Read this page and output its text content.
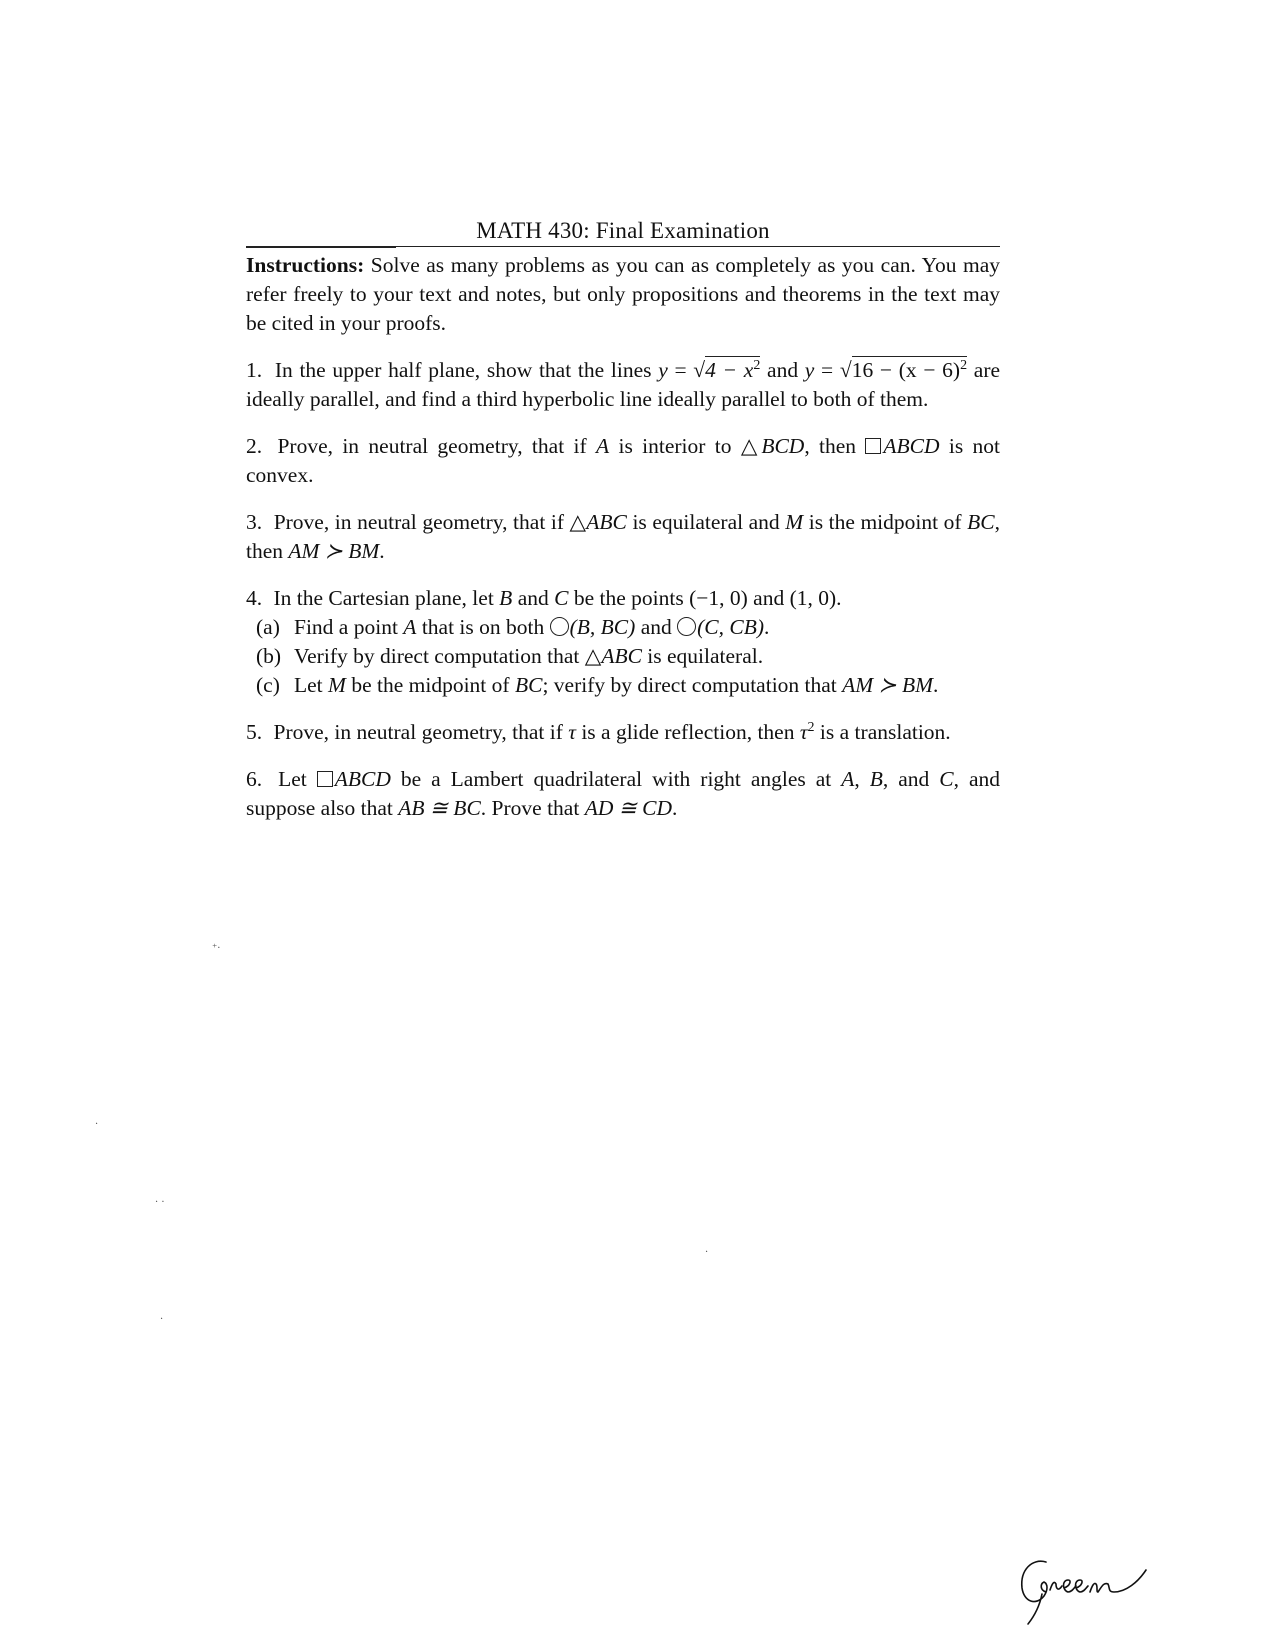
MATH 430: Final Examination
Instructions: Solve as many problems as you can as completely as you can. You may refer freely to your text and notes, but only propositions and theorems in the text may be cited in your proofs.
1. In the upper half plane, show that the lines $y = √4 - x^2$ and $y = √16 - (x - 6)^2$ are ideally parallel, and find a third hyperbolic line ideally parallel to both of them.
2. Prove, in neutral geometry, that if A is interior to △BCD, then ABCD is not convex.
3. Prove, in neutral geometry, that if △ABC is equilateral and M is the midpoint of BC, then AM ≻ BM.
4. In the Cartesian plane, let B and C be the points (−1, 0) and (1, 0).
(a) Find a point A that is on both (B, BC) and (C, CB).
(b) Verify by direct computation that △ABC is equilateral.
(c) Let M be the midpoint of BC; verify by direct computation that AM ≻ BM.
5. Prove, in neutral geometry, that if τ is a glide reflection, then $\tau^2$ is a translation.
6. Let ABCD be a Lambert quadrilateral with right angles at A, B, and C, and suppose also that AB ≅ BC. Prove that AD ≅ CD.
⁺·
·
· ·
·
·
